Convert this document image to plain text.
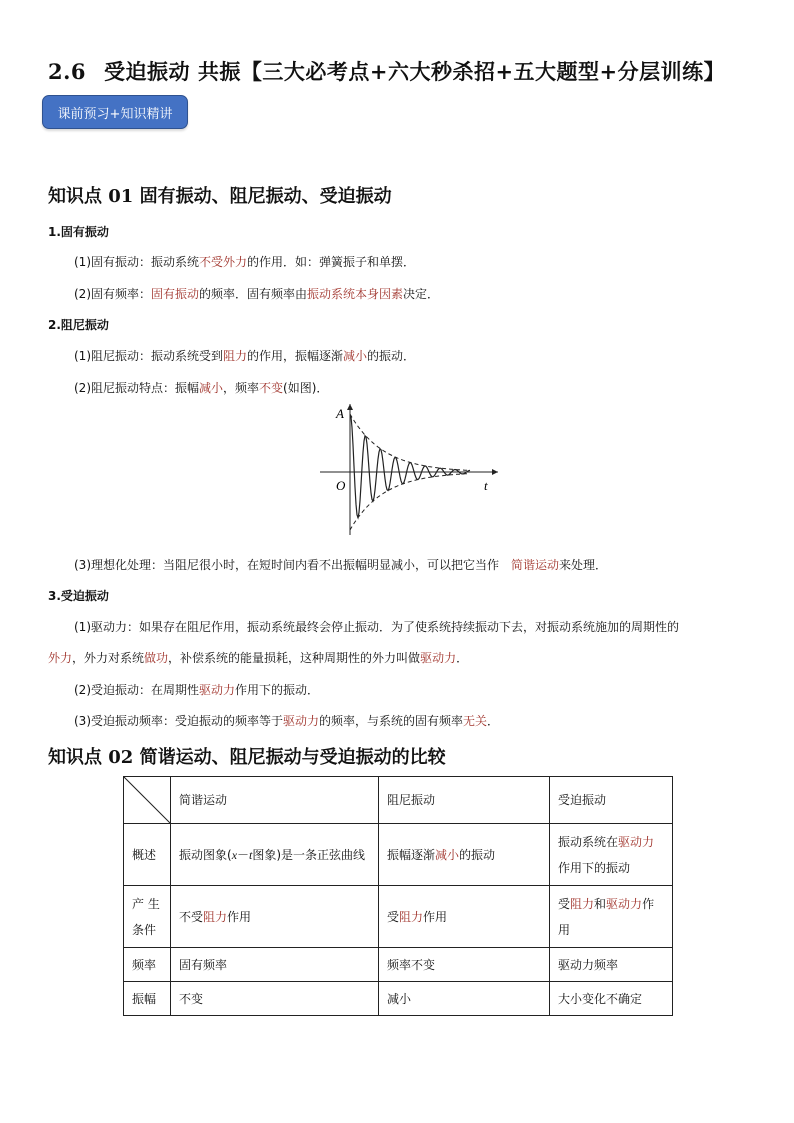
2.6 受迫振动 共振【三大必考点+六大秒杀招+五大题型+分层训练】
课前预习+知识精讲
知识点 01 固有振动、阻尼振动、受迫振动
1.固有振动
(1)固有振动：振动系统不受外力的作用．如：弹簧振子和单摆．
(2)固有频率：固有振动的频率．固有频率由振动系统本身因素决定．
2.阻尼振动
(1)阻尼振动：振动系统受到阻力的作用，振幅逐渐减小的振动．
(2)阻尼振动特点：振幅减小，频率不变(如图)．
A
O	t
(3)理想化处理：当阻尼很小时，在短时间内看不出振幅明显减小，可以把它当作 简谐运动来处理．
3.受迫振动
(1)驱动力：如果存在阻尼作用，振动系统最终会停止振动．为了使系统持续振动下去，对振动系统施加的周期性的
外力，外力对系统做功，补偿系统的能量损耗，这种周期性的外力叫做驱动力．
(2)受迫振动：在周期性驱动力作用下的振动．
(3)受迫振动频率：受迫振动的频率等于驱动力的频率，与系统的固有频率无关．
知识点 02 简谐运动、阻尼振动与受迫振动的比较
	简谐运动	阻尼振动	受迫振动
概述	振动图象(x－t图象)是一条正弦曲线	振幅逐渐减小的振动	振动系统在驱动力作用下的振动
产 生 条件	不受阻力作用	受阻力作用	受阻力和驱动力作用
频率	固有频率	频率不变	驱动力频率
振幅	不变	减小	大小变化不确定
